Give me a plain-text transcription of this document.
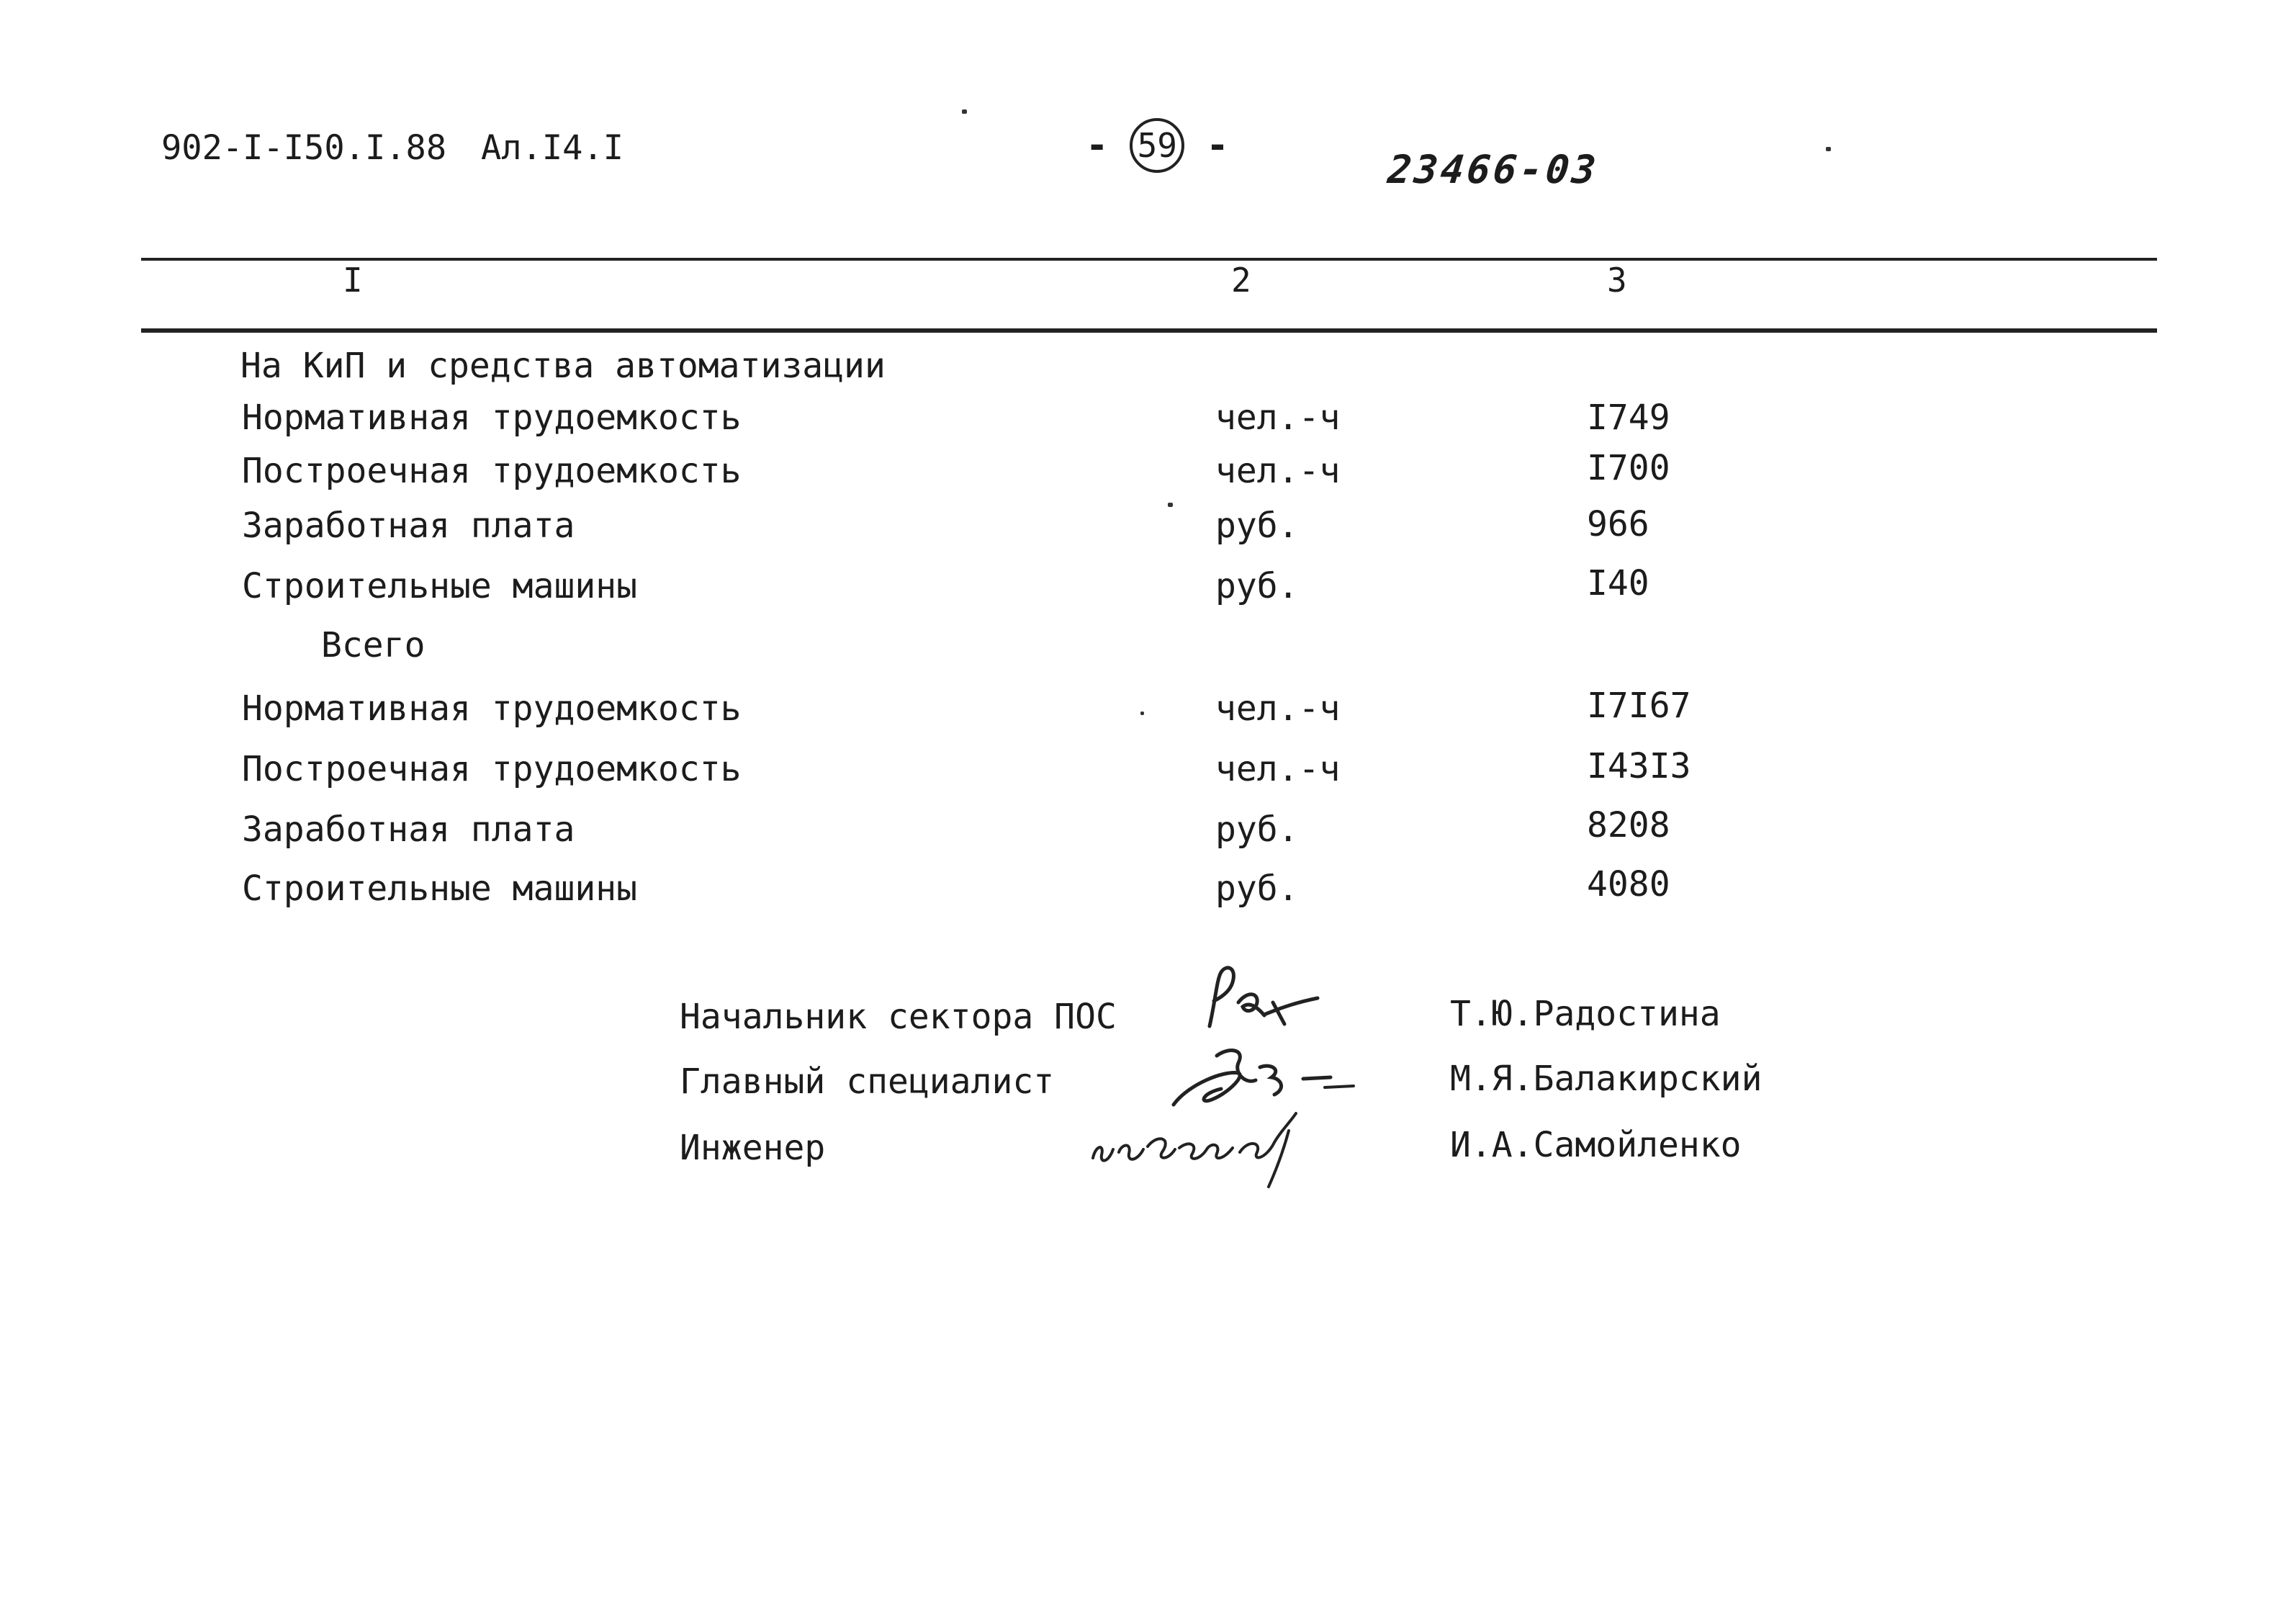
902-I-I50.I.88 Ал.I4.I	- 59 -
23466-03
I	2	3
На КиП и средства автоматизации
Нормативная трудоемкость	чел.-ч	I749
Построечная трудоемкость	чел.-ч	I700
Заработная плата	руб.	966
Строительные машины	руб.	I40
Всего
Нормативная трудоемкость	чел.-ч	I7I67
Построечная трудоемкость	чел.-ч	I43I3
Заработная плата	руб.	8208
Строительные машины	руб.	4080
Начальник сектора ПОС	Т.Ю.Радостина
Главный специалист	М.Я.Балакирский
Инженер	И.А.Самойленко
